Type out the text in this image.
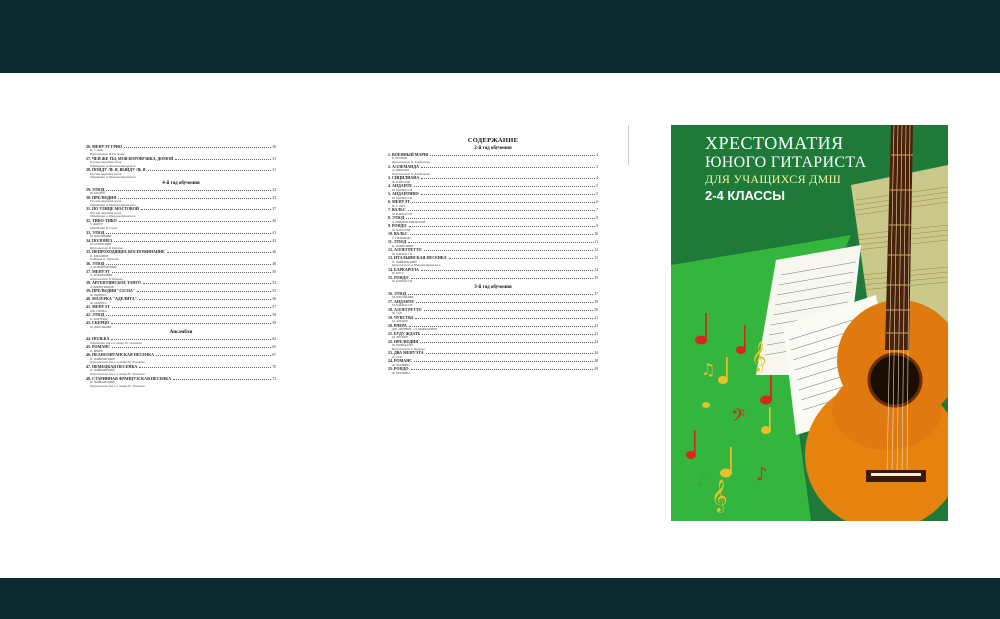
26. МЕНУЭТ ГРИО	30
И. С. БАХ
Переложение В. Русинова
27. ЧЕЙ ЖЕ ТЫ, МОЯ КОРОВУШКА, ДОМОЙ	31
Русская народная песня
Обработка А. Иванова-Крамского
28. ПОЙДУ ЛЬ Я, ВЫЙДУ ЛЬ Я	31
Русская народная песня
Обработка А. Иванова-Крамского
4-й год обучения
29. ЭТЮД	32
Ф. КЮЛЕР
30. ПРЕЛЮДИЯ	33
Русская народная песня
Обработка А. Иванова-Крамского
31. ПО УЛИЦЕ МОСТОВОЙ	37
Русская народная песня
Обработка А. Иванова-Крамского
32. ТИКО-ТИКО	40
З. АБРЕУ
Обработка В. Сонга
33. ЭТЮД	41
М. ДЖУЛИАНИ
34. ПОЛОНЕЗ	43
М. ОГИНСКИЙ
Переложение В. Павлова
35. НЕПРОХОДЯЩЕЕ ВОСПОМИНАНИЕ	46
П. БИЛАНОВ
Редакция А. Торопова
36. ЭТЮД	48
А. КОМАРОВСКИЙ
37. МЕНУЭТ	50
Л. БОККЕРИНИ
Переложение В. Козлова
38. АРГЕНТИНСКОЕ ТАНГО	53
А. ВИНОГРАДОВ
39. ПРЕЛЮДИЯ "СЕЛЗА"	55
Ф. ТАРРЕГА
40. МАЗУРКА "АДЕЛИТА"	56
Ф. ТАРРЕГА
41. МЕНУЭТ	57
ДЖ. ПРИКА
42. ЭТЮД	58
К. КАРТЕРАС
43. СКЕРЦО	59
М. ДЖУЛИАНИ
Ансамбли
44. ПОЛЬКА	62
Обработка для 2-х гитар Ю. Лиханова
45. РОМАНС	65
К. ВЕБЕР
46. НЕАПОЛИТАНСКАЯ ПЕСЕНКА	67
П. ЧАЙКОВСКИЙ
Переложение для 2-х гитар Ю. Лиханова
47. НЕМЕЦКАЯ ПЕСЕНКА	70
П. ЧАЙКОВСКИЙ
Переложение для 2-х гитар Ю. Лиханова
48. СТАРИННАЯ ФРАНЦУЗСКАЯ ПЕСЕНКА	72
П. ЧАЙКОВСКИЙ
Переложение для 2-х гитар Ю. Лиханова
СОДЕРЖАНИЕ
2-й год обучения
1. ВОЕННЫЙ МАРШ	3
Р. ШУМАН
Переложение П. Агафошина
2. АЛЛЕМАНДА	3
Д. ЦИПОЛИ
Переложение П. Агафошина
3. СИЦИЛИАНА	4
Ф. КАРУЛЛИ
4. АНДАНТЕ	5
М. КАРКАССИ
5. АНДАНТИНО	5
М. КАРКАССИ
6. МЕНУЭТ	6
И. С. БАХ
7. ВАЛЬС	7
М. КАРКАССИ
8. ЭТЮД	8
А. ИВАНОВ-КРАМСКОЙ
9. РОНДО	9
Ф. КАРУЛЛИ
10. ВАЛЬС	10
Г. ГИЛЬЯРДО
11. ЭТЮД	11
П. АГАФОШИН
12. АЛЛЕГРЕТТО	12
М. КАРКАССИ
13. ИТАЛЬЯНСКАЯ ПЕСЕНКА	13
П. ЧАЙКОВСКИЙ
Переложение А. Иванова-Крамского
14. БАРКАРОЛА	14
Н. КОСТ
15. РОНДО	15
М. КАРКАССИ
3-й год обучения
16. ЭТЮД	17
М. ДЖУЛИАНИ
17. АНДАНТЕ	19
М. КАРКАССИ
18. АЛЛЕГРЕТТО	20
Ф. СОР
19. ЧУВСТВА	21
М. АЛЬЦЕР
20. ВЧЕРА	22
ДЖ. ЛЕННОН – П. МАККАРТНИ
21. БУДУ ЖДАТЬ	23
М. ЛЕГРАН
22. ПРЕЛЮДИЯ	24
Ф. РОНКАЛЛИ
Переложение З. Барнеца
23. ДВА МЕНУЭТА	24
Ф. СОР
24. РОМАНС	28
Ф. МОЛИНО
25. РОНДО	29
Ф. МОЛИНО
𝄞
𝄞
𝄢
♫
♪
♪
ХРЕСТОМАТИЯ
ЮНОГО ГИТАРИСТА
ДЛЯ УЧАЩИХСЯ ДМШ
2-4 КЛАССЫ
